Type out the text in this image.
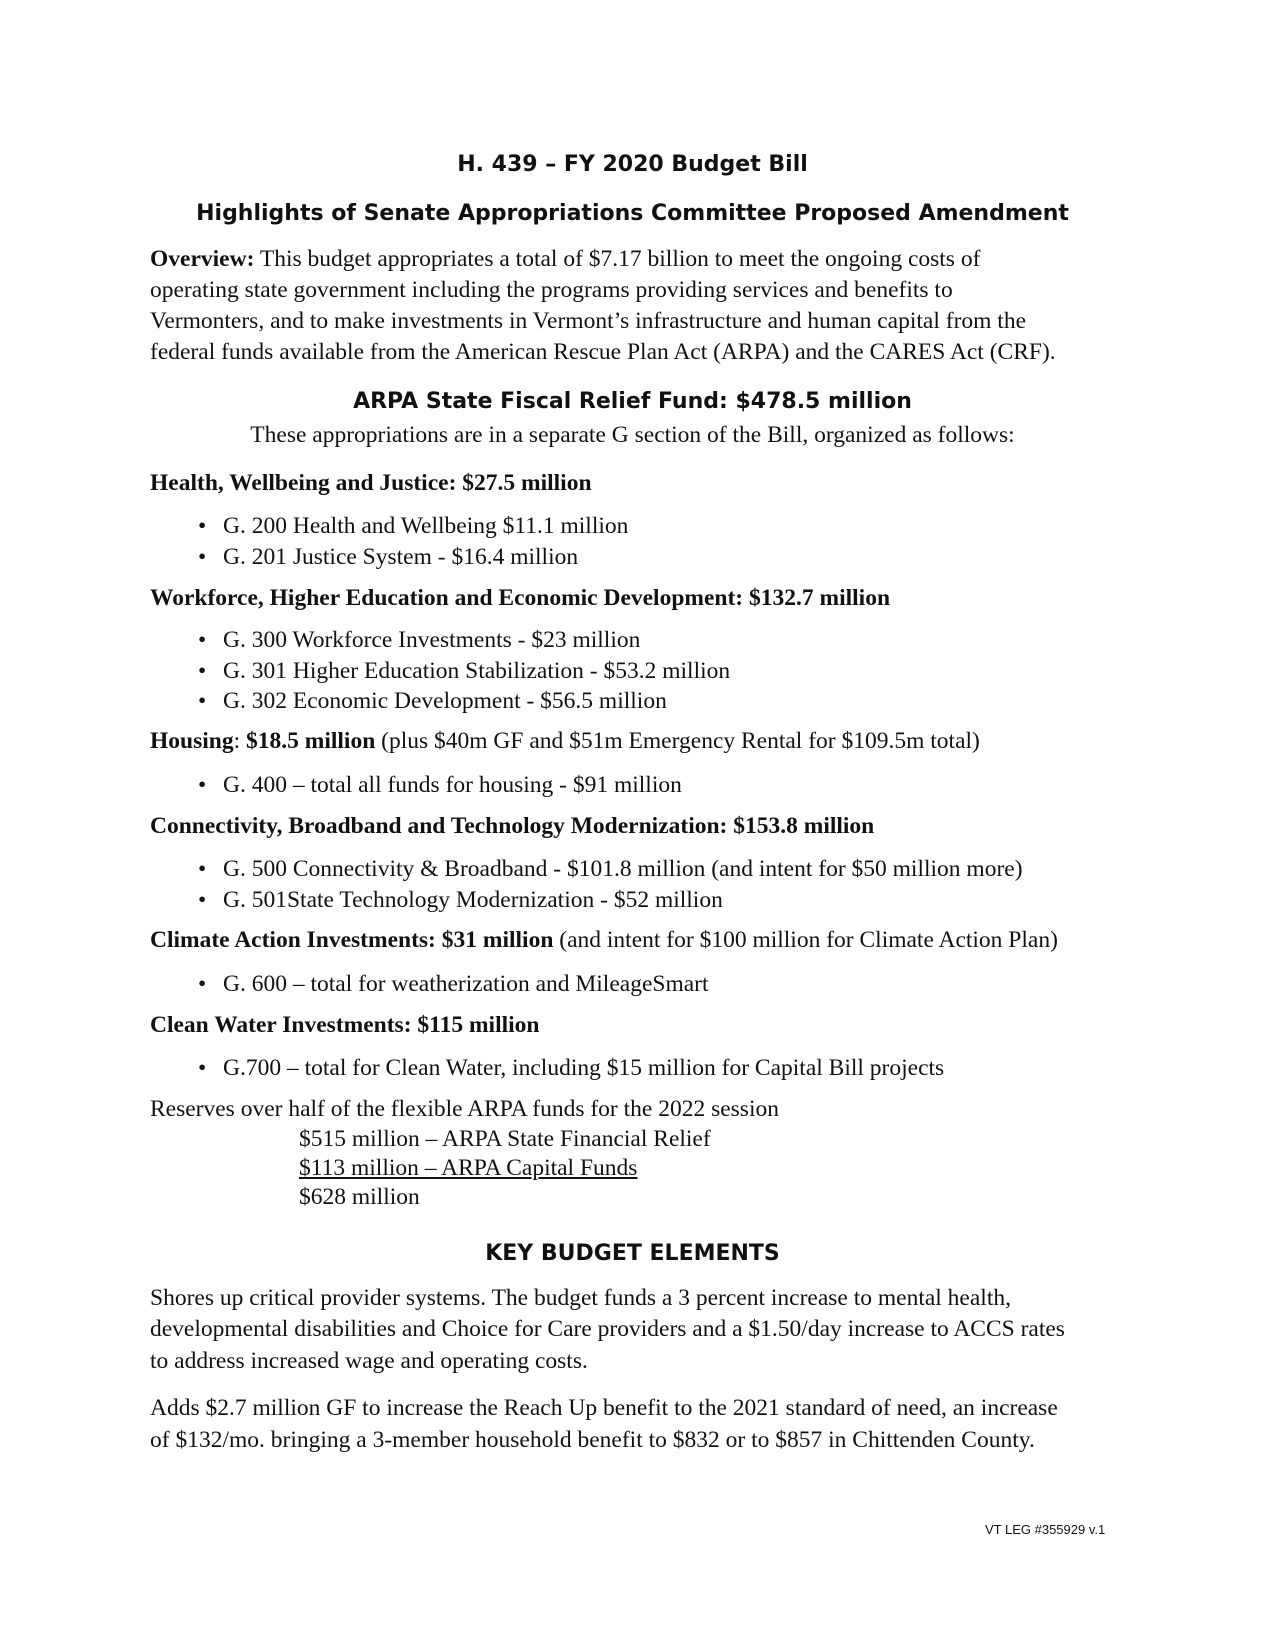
H. 439 – FY 2020 Budget Bill
Highlights of Senate Appropriations Committee Proposed Amendment
Overview: This budget appropriates a total of $7.17 billion to meet the ongoing costs of
operating state government including the programs providing services and benefits to
Vermonters, and to make investments in Vermont’s infrastructure and human capital from the
federal funds available from the American Rescue Plan Act (ARPA) and the CARES Act (CRF).
ARPA State Fiscal Relief Fund: $478.5 million
These appropriations are in a separate G section of the Bill, organized as follows:
Health, Wellbeing and Justice: $27.5 million
• G. 200 Health and Wellbeing $11.1 million
• G. 201 Justice System - $16.4 million
Workforce, Higher Education and Economic Development: $132.7 million
• G. 300 Workforce Investments - $23 million
• G. 301 Higher Education Stabilization - $53.2 million
• G. 302 Economic Development - $56.5 million
Housing: $18.5 million (plus $40m GF and $51m Emergency Rental for $109.5m total)
• G. 400 – total all funds for housing - $91 million
Connectivity, Broadband and Technology Modernization: $153.8 million
• G. 500 Connectivity & Broadband - $101.8 million (and intent for $50 million more)
• G. 501State Technology Modernization - $52 million
Climate Action Investments: $31 million (and intent for $100 million for Climate Action Plan)
• G. 600 – total for weatherization and MileageSmart
Clean Water Investments: $115 million
• G.700 – total for Clean Water, including $15 million for Capital Bill projects
Reserves over half of the flexible ARPA funds for the 2022 session
$515 million – ARPA State Financial Relief
$113 million – ARPA Capital Funds
$628 million
KEY BUDGET ELEMENTS
Shores up critical provider systems. The budget funds a 3 percent increase to mental health,
developmental disabilities and Choice for Care providers and a $1.50/day increase to ACCS rates
to address increased wage and operating costs.
Adds $2.7 million GF to increase the Reach Up benefit to the 2021 standard of need, an increase
of $132/mo. bringing a 3-member household benefit to $832 or to $857 in Chittenden County.
VT LEG #355929 v.1
